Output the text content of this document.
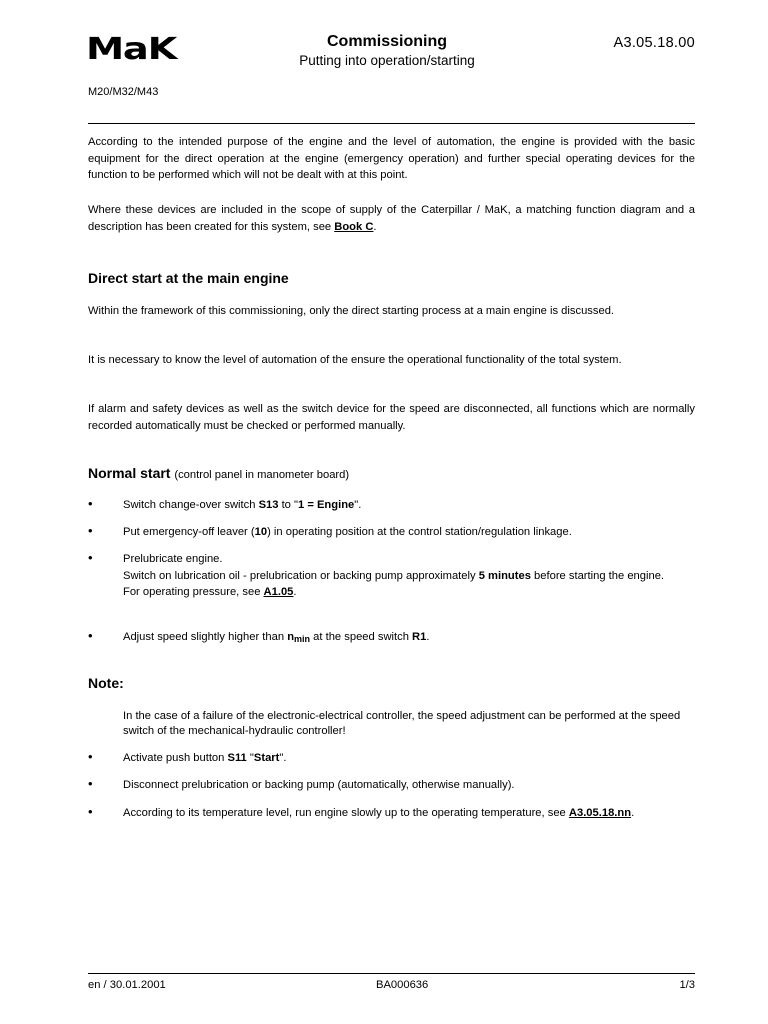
MaK	Commissioning
Putting into operation/starting
A3.05.18.00
M20/M32/M43
According to the intended purpose of the engine and the level of automation, the engine is provided with the basic equipment for the direct operation at the engine (emergency operation) and further special operating devices for the function to be performed which will not be dealt with at this point.
Where these devices are included in the scope of supply of the Caterpillar / MaK, a matching function diagram and a description has been created for this system, see Book C.
Direct start at the main engine
Within the framework of this commissioning, only the direct starting process at a main engine is discussed.
It is necessary to know the level of automation of the ensure the operational functionality of the total system.
If alarm and safety devices as well as the switch device for the speed are disconnected, all functions which are normally recorded automatically must be checked or performed manually.
Normal start (control panel in manometer board)
•	Switch change-over switch S13 to "1 = Engine".
•	Put emergency-off leaver (10) in operating position at the control station/regulation linkage.
•	Prelubricate engine.
Switch on lubrication oil - prelubrication or backing pump approximately 5 minutes before starting the engine.
For operating pressure, see A1.05.
•	Adjust speed slightly higher than nmin at the speed switch R1.
Note:
In the case of a failure of the electronic-electrical controller, the speed adjustment can be performed at the speed switch of the mechanical-hydraulic controller!
•	Activate push button S11 "Start".
•	Disconnect prelubrication or backing pump (automatically, otherwise manually).
•	According to its temperature level, run engine slowly up to the operating temperature, see A3.05.18.nn.
en / 30.01.2001	BA000636	1/3
